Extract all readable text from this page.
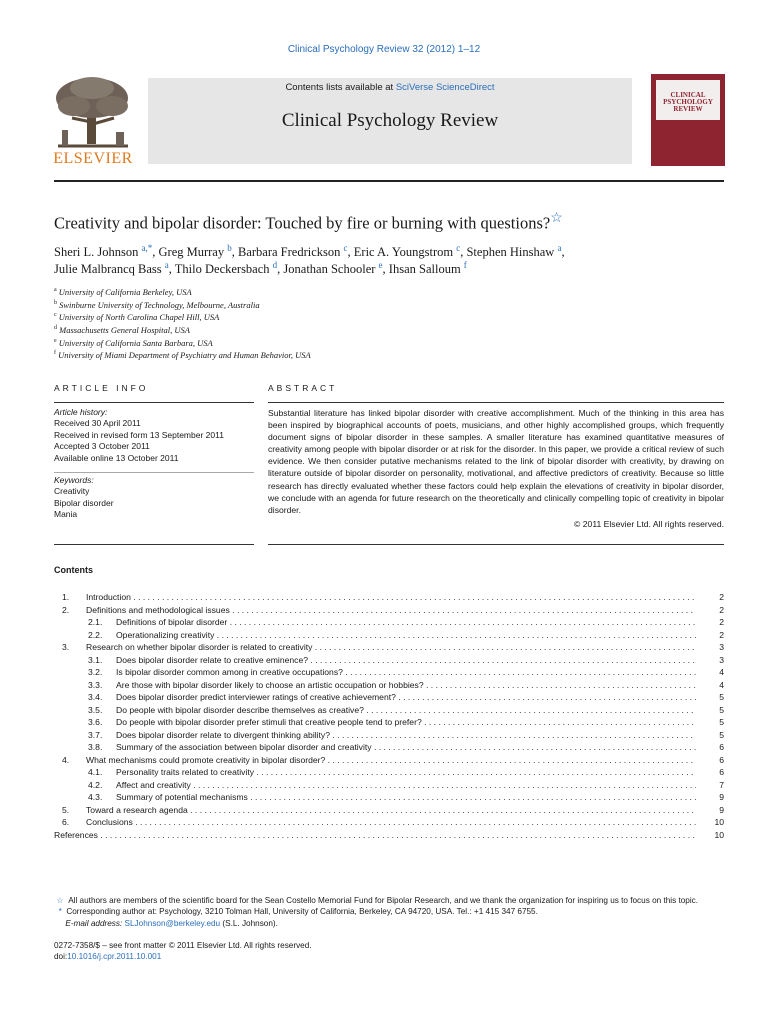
Clinical Psychology Review 32 (2012) 1–12
Contents lists available at SciVerse ScienceDirect
Clinical Psychology Review
ELSEVIER
CLINICAL PSYCHOLOGY REVIEW
Creativity and bipolar disorder: Touched by fire or burning with questions?☆
Sheri L. Johnson $^{a,*}$, Greg Murray $^b$, Barbara Fredrickson $^c$, Eric A. Youngstrom $^c$, Stephen Hinshaw $^a$,
Julie Malbrancq Bass $^a$, Thilo Deckersbach $^d$, Jonathan Schooler $^e$, Ihsan Salloum $^f$
$^a$ University of California Berkeley, USA
$^b$ Swinburne University of Technology, Melbourne, Australia
$^c$ University of North Carolina Chapel Hill, USA
$^d$ Massachusetts General Hospital, USA
$^e$ University of California Santa Barbara, USA
$^f$ University of Miami Department of Psychiatry and Human Behavior, USA
ARTICLE INFO	ABSTRACT
Article history:
Received 30 April 2011
Received in revised form 13 September 2011
Accepted 3 October 2011
Available online 13 October 2011
Keywords:
Creativity
Bipolar disorder
Mania
Substantial literature has linked bipolar disorder with creative accomplishment. Much of the thinking in this area has been inspired by biographical accounts of poets, musicians, and other highly accomplished groups, which frequently document signs of bipolar disorder in these samples. A smaller literature has examined quantitative measures of creativity among people with bipolar disorder or at risk for the disorder. In this paper, we provide a critical review of such evidence. We then consider putative mechanisms related to the link of bipolar disorder with creativity, by drawing on literature outside of bipolar disorder on personality, motivational, and affective predictors of creativity. Because so little research has directly evaluated whether these factors could help explain the elevations of creativity in bipolar disorder, we conclude with an agenda for future research on the theoretically and clinically compelling topic of creativity in bipolar disorder.
© 2011 Elsevier Ltd. All rights reserved.
Contents
1. Introduction . . .	2
2. Definitions and methodological issues . . .	2
2.1. Definitions of bipolar disorder . . .	2
2.2. Operationalizing creativity . . .	2
3. Research on whether bipolar disorder is related to creativity . . .	3
3.1. Does bipolar disorder relate to creative eminence? . . .	3
3.2. Is bipolar disorder common among in creative occupations? . . .	4
3.3. Are those with bipolar disorder likely to choose an artistic occupation or hobbies? . . .	4
3.4. Does bipolar disorder predict interviewer ratings of creative achievement? . . .	5
3.5. Do people with bipolar disorder describe themselves as creative? . . .	5
3.6. Do people with bipolar disorder prefer stimuli that creative people tend to prefer? . . .	5
3.7. Does bipolar disorder relate to divergent thinking ability? . . .	5
3.8. Summary of the association between bipolar disorder and creativity . . .	6
4. What mechanisms could promote creativity in bipolar disorder? . . .	6
4.1. Personality traits related to creativity . . .	6
4.2. Affect and creativity . . .	7
4.3. Summary of potential mechanisms . . .	9
5. Toward a research agenda . . .	9
6. Conclusions . . .	10
References . . .	10
☆ All authors are members of the scientific board for the Sean Costello Memorial Fund for Bipolar Research, and we thank the organization for inspiring us to focus on this topic.
* Corresponding author at: Psychology, 3210 Tolman Hall, University of California, Berkeley, CA 94720, USA. Tel.: +1 415 347 6755.
E-mail address: SLJohnson@berkeley.edu (S.L. Johnson).
0272-7358/$ – see front matter © 2011 Elsevier Ltd. All rights reserved.
doi:10.1016/j.cpr.2011.10.001
